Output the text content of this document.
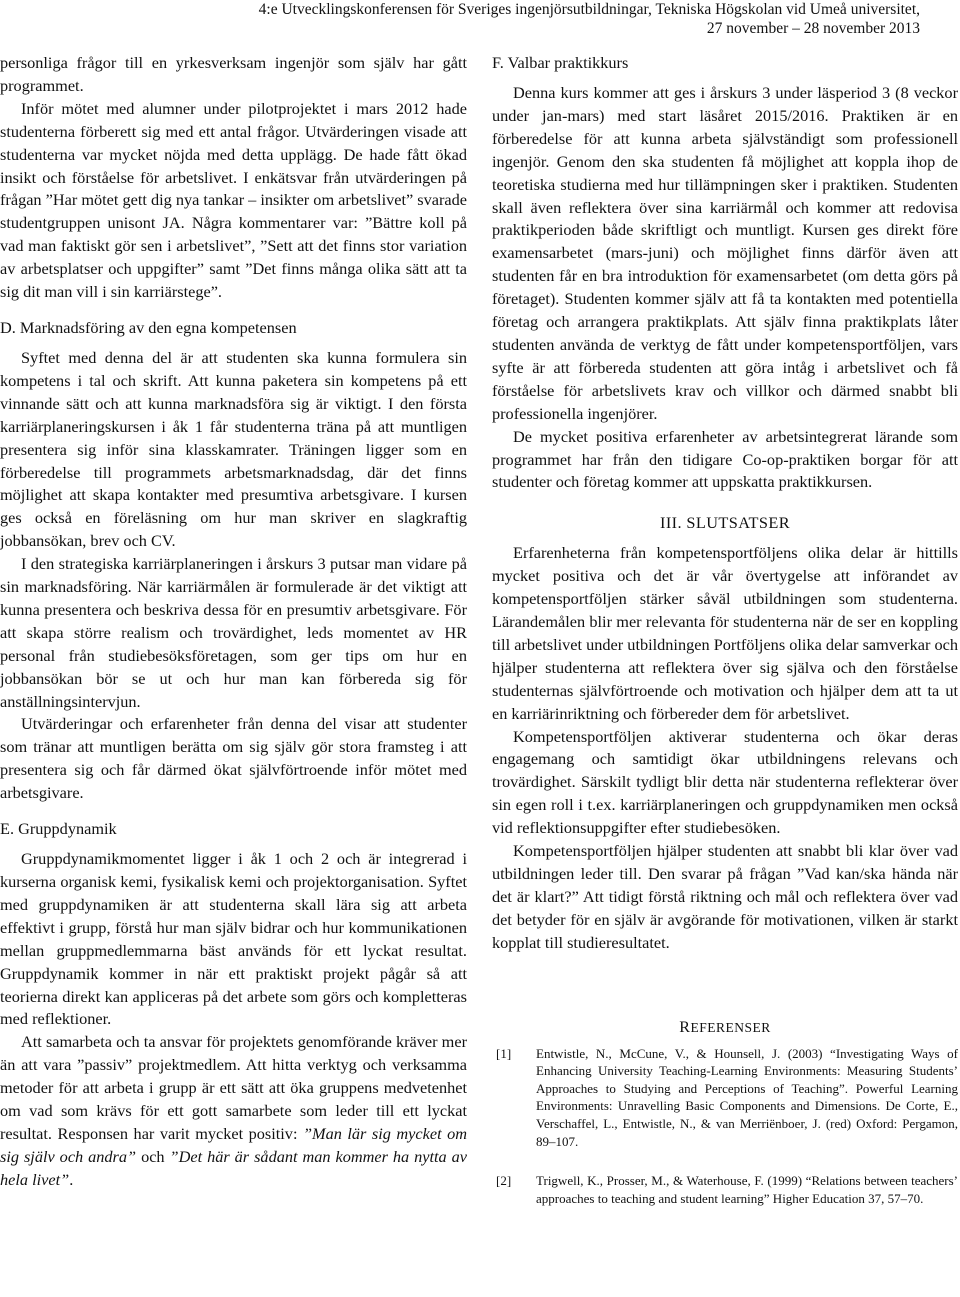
4:e Utvecklingskonferensen för Sveriges ingenjörsutbildningar, Tekniska Högskolan vid Umeå universitet,
27 november – 28 november 2013

personliga frågor till en yrkesverksam ingenjör som själv har gått programmet.

Inför mötet med alumner under pilotprojektet i mars 2012 hade studenterna förberett sig med ett antal frågor. Utvärderingen visade att studenterna var mycket nöjda med detta upplägg. De hade fått ökad insikt och förståelse för arbetslivet. I enkätsvar från utvärderingen på frågan ”Har mötet gett dig nya tankar – insikter om arbetslivet” svarade studentgruppen unisont JA. Några kommentarer var: ”Bättre koll på vad man faktiskt gör sen i arbetslivet”, ”Sett att det finns stor variation av arbetsplatser och uppgifter” samt ”Det finns många olika sätt att ta sig dit man vill i sin karriärstege”.

D. Marknadsföring av den egna kompetensen

Syftet med denna del är att studenten ska kunna formulera sin kompetens i tal och skrift. Att kunna paketera sin kompetens på ett vinnande sätt och att kunna marknadsföra sig är viktigt. I den första karriärplaneringskursen i åk 1 får studenterna träna på att muntligen presentera sig inför sina klasskamrater. Träningen ligger som en förberedelse till programmets arbetsmarknadsdag, där det finns möjlighet att skapa kontakter med presumtiva arbetsgivare. I kursen ges också en föreläsning om hur man skriver en slagkraftig jobbansökan, brev och CV.

I den strategiska karriärplaneringen i årskurs 3 putsar man vidare på sin marknadsföring. När karriärmålen är formulerade är det viktigt att kunna presentera och beskriva dessa för en presumtiv arbetsgivare. För att skapa större realism och trovärdighet, leds momentet av HR personal från studiebesöksföretagen, som ger tips om hur en jobbansökan bör se ut och hur man kan förbereda sig för anställningsintervjun.

Utvärderingar och erfarenheter från denna del visar att studenter som tränar att muntligen berätta om sig själv gör stora framsteg i att presentera sig och får därmed ökat självförtroende inför mötet med arbetsgivare.

E. Gruppdynamik

Gruppdynamikmomentet ligger i åk 1 och 2 och är integrerad i kurserna organisk kemi, fysikalisk kemi och projektorganisation. Syftet med gruppdynamiken är att studenterna skall lära sig att arbeta effektivt i grupp, förstå hur man själv bidrar och hur kommunikationen mellan gruppmedlemmarna bäst används för ett lyckat resultat. Gruppdynamik kommer in när ett praktiskt projekt pågår så att teorierna direkt kan appliceras på det arbete som görs och kompletteras med reflektioner.

Att samarbeta och ta ansvar för projektets genomförande kräver mer än att vara ”passiv” projektmedlem. Att hitta verktyg och verksamma metoder för att arbeta i grupp är ett sätt att öka gruppens medvetenhet om vad som krävs för ett gott samarbete som leder till ett lyckat resultat. Responsen har varit mycket positiv: ”Man lär sig mycket om sig själv och andra” och ”Det här är sådant man kommer ha nytta av hela livet”.

F. Valbar praktikkurs

Denna kurs kommer att ges i årskurs 3 under läsperiod 3 (8 veckor under jan-mars) med start läsåret 2015/2016. Praktiken är en förberedelse för att kunna arbeta självständigt som professionell ingenjör. Genom den ska studenten få möjlighet att koppla ihop de teoretiska studierna med hur tillämpningen sker i praktiken. Studenten skall även reflektera över sina karriärmål och kommer att redovisa praktikperioden både skriftligt och muntligt. Kursen ges direkt före examensarbetet (mars-juni) och möjlighet finns därför även att studenten får en bra introduktion för examensarbetet (om detta görs på företaget). Studenten kommer själv att få ta kontakten med potentiella företag och arrangera praktikplats. Att själv finna praktikplats låter studenten använda de verktyg de fått under kompetensportföljen, vars syfte är att förbereda studenten att göra intåg i arbetslivet och få förståelse för arbetslivets krav och villkor och därmed snabbt bli professionella ingenjörer.

De mycket positiva erfarenheter av arbetsintegrerat lärande som programmet har från den tidigare Co-op-praktiken borgar för att studenter och företag kommer att uppskatta praktikkursen.

III. SLUTSATSER

Erfarenheterna från kompetensportföljens olika delar är hittills mycket positiva och det är vår övertygelse att införandet av kompetensportföljen stärker såväl utbildningen som studenterna. Lärandemålen blir mer relevanta för studenterna när de ser en koppling till arbetslivet under utbildningen Portföljens olika delar samverkar och hjälper studenterna att reflektera över sig själva och den förståelse studenternas självförtroende och motivation och hjälper dem att ta ut en karriärinriktning och förbereder dem för arbetslivet.

Kompetensportföljen aktiverar studenterna och ökar deras engagemang och samtidigt ökar utbildningens relevans och trovärdighet. Särskilt tydligt blir detta när studenterna reflekterar över sin egen roll i t.ex. karriärplaneringen och gruppdynamiken men också vid reflektionsuppgifter efter studiebesöken.

Kompetensportföljen hjälper studenten att snabbt bli klar över vad utbildningen leder till. Den svarar på frågan ”Vad kan/ska hända när det är klart?” Att tidigt förstå riktning och mål och reflektera över vad det betyder för en själv är avgörande för motivationen, vilken är starkt kopplat till studieresultatet.

REFERENSER
[1]	Entwistle, N., McCune, V., & Hounsell, J. (2003) “Investigating Ways of Enhancing University Teaching-Learning Environments: Measuring Students’ Approaches to Studying and Perceptions of Teaching”. Powerful Learning Environments: Unravelling Basic Components and Dimensions. De Corte, E., Verschaffel, L., Entwistle, N., & van Merriënboer, J. (red) Oxford: Pergamon, 89–107.
[2]	Trigwell, K., Prosser, M., & Waterhouse, F. (1999) “Relations between teachers’ approaches to teaching and student learning” Higher Education 37, 57–70.
